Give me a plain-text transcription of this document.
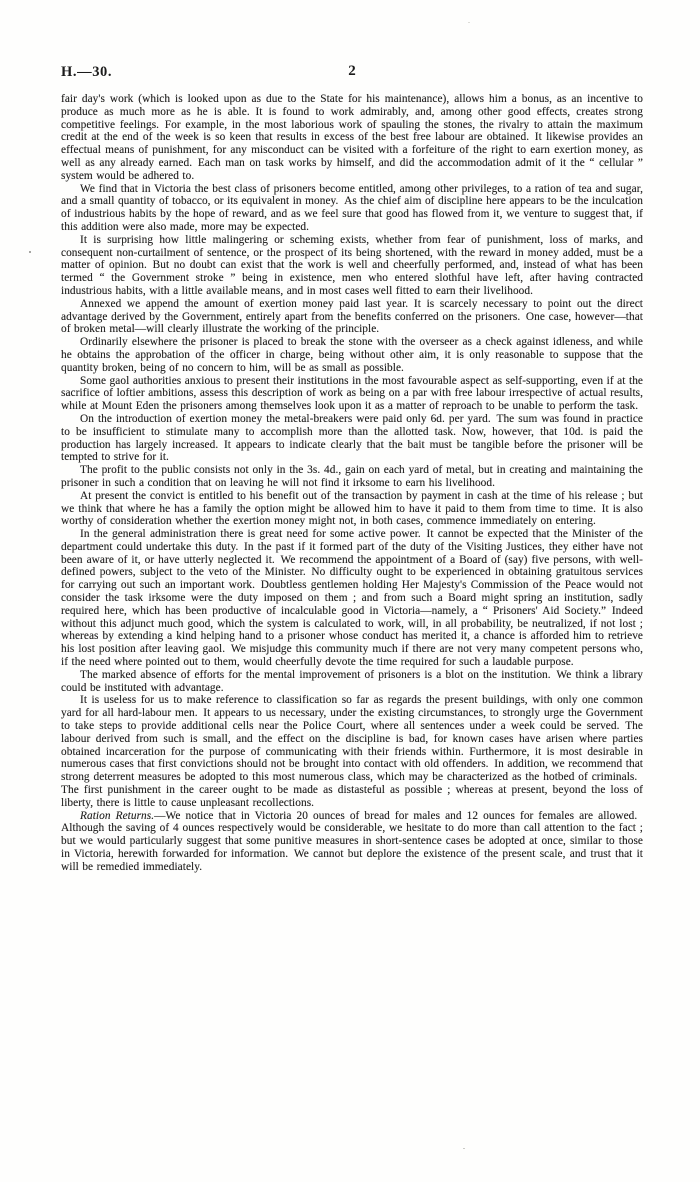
H.—30.	2

fair day's work (which is looked upon as due to the State for his maintenance), allows him a bonus, as an incentive to produce as much more as he is able. It is found to work admirably, and, among other good effects, creates strong competitive feelings. For example, in the most laborious work of spauling the stones, the rivalry to attain the maximum credit at the end of the week is so keen that results in excess of the best free labour are obtained. It likewise provides an effectual means of punishment, for any misconduct can be visited with a forfeiture of the right to earn exertion money, as well as any already earned. Each man on task works by himself, and did the accommodation admit of it the “ cellular ” system would be adhered to.

We find that in Victoria the best class of prisoners become entitled, among other privileges, to a ration of tea and sugar, and a small quantity of tobacco, or its equivalent in money. As the chief aim of discipline here appears to be the inculcation of industrious habits by the hope of reward, and as we feel sure that good has flowed from it, we venture to suggest that, if this addition were also made, more may be expected.

It is surprising how little malingering or scheming exists, whether from fear of punishment, loss of marks, and consequent non-curtailment of sentence, or the prospect of its being shortened, with the reward in money added, must be a matter of opinion. But no doubt can exist that the work is well and cheerfully performed, and, instead of what has been termed “ the Government stroke ” being in existence, men who entered slothful have left, after having contracted industrious habits, with a little available means, and in most cases well fitted to earn their livelihood.

Annexed we append the amount of exertion money paid last year. It is scarcely necessary to point out the direct advantage derived by the Government, entirely apart from the benefits conferred on the prisoners. One case, however—that of broken metal—will clearly illustrate the working of the principle.

Ordinarily elsewhere the prisoner is placed to break the stone with the overseer as a check against idleness, and while he obtains the approbation of the officer in charge, being without other aim, it is only reasonable to suppose that the quantity broken, being of no concern to him, will be as small as possible.

Some gaol authorities anxious to present their institutions in the most favourable aspect as self-supporting, even if at the sacrifice of loftier ambitions, assess this description of work as being on a par with free labour irrespective of actual results, while at Mount Eden the prisoners among themselves look upon it as a matter of reproach to be unable to perform the task.

On the introduction of exertion money the metal-breakers were paid only 6d. per yard. The sum was found in practice to be insufficient to stimulate many to accomplish more than the allotted task. Now, however, that 10d. is paid the production has largely increased. It appears to indicate clearly that the bait must be tangible before the prisoner will be tempted to strive for it.

The profit to the public consists not only in the 3s. 4d., gain on each yard of metal, but in creating and maintaining the prisoner in such a condition that on leaving he will not find it irksome to earn his livelihood.

At present the convict is entitled to his benefit out of the transaction by payment in cash at the time of his release ; but we think that where he has a family the option might be allowed him to have it paid to them from time to time. It is also worthy of consideration whether the exertion money might not, in both cases, commence immediately on entering.

In the general administration there is great need for some active power. It cannot be expected that the Minister of the department could undertake this duty. In the past if it formed part of the duty of the Visiting Justices, they either have not been aware of it, or have utterly neglected it. We recommend the appointment of a Board of (say) five persons, with well-defined powers, subject to the veto of the Minister. No difficulty ought to be experienced in obtaining gratuitous services for carrying out such an important work. Doubtless gentlemen holding Her Majesty's Commission of the Peace would not consider the task irksome were the duty imposed on them ; and from such a Board might spring an institution, sadly required here, which has been productive of incalculable good in Victoria—namely, a “ Prisoners' Aid Society.” Indeed without this adjunct much good, which the system is calculated to work, will, in all probability, be neutralized, if not lost ; whereas by extending a kind helping hand to a prisoner whose conduct has merited it, a chance is afforded him to retrieve his lost position after leaving gaol. We misjudge this community much if there are not very many competent persons who, if the need where pointed out to them, would cheerfully devote the time required for such a laudable purpose.

The marked absence of efforts for the mental improvement of prisoners is a blot on the institution. We think a library could be instituted with advantage.

It is useless for us to make reference to classification so far as regards the present buildings, with only one common yard for all hard-labour men. It appears to us necessary, under the existing circumstances, to strongly urge the Government to take steps to provide additional cells near the Police Court, where all sentences under a week could be served. The labour derived from such is small, and the effect on the discipline is bad, for known cases have arisen where parties obtained incarceration for the purpose of communicating with their friends within. Furthermore, it is most desirable in numerous cases that first convictions should not be brought into contact with old offenders. In addition, we recommend that strong deterrent measures be adopted to this most numerous class, which may be characterized as the hotbed of criminals. The first punishment in the career ought to be made as distasteful as possible ; whereas at present, beyond the loss of liberty, there is little to cause unpleasant recollections.

Ration Returns.—We notice that in Victoria 20 ounces of bread for males and 12 ounces for females are allowed. Although the saving of 4 ounces respectively would be considerable, we hesitate to do more than call attention to the fact ; but we would particularly suggest that some punitive measures in short-sentence cases be adopted at once, similar to those in Victoria, herewith forwarded for information. We cannot but deplore the existence of the present scale, and trust that it will be remedied immediately.
